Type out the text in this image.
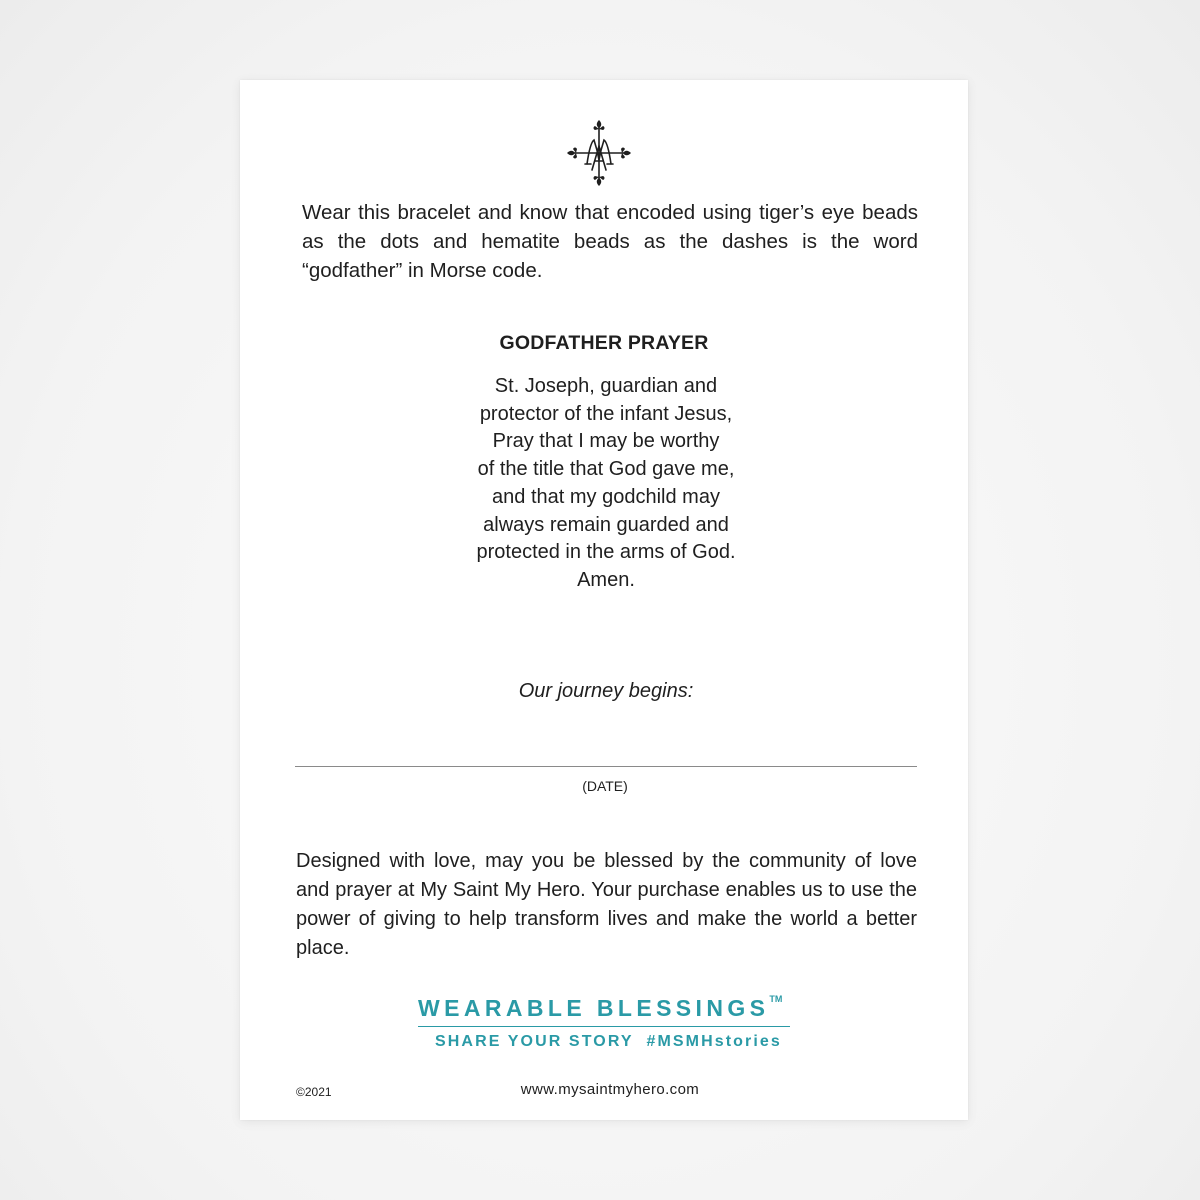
Wear this bracelet and know that encoded using tiger’s eye beads as the dots and hematite beads as the dashes is the word “godfather” in Morse code.

GODFATHER PRAYER

St. Joseph, guardian and
protector of the infant Jesus,
Pray that I may be worthy
of the title that God gave me,
and that my godchild may
always remain guarded and
protected in the arms of God.
Amen.

Our journey begins:

(DATE)

Designed with love, may you be blessed by the community of love and prayer at My Saint My Hero. Your purchase enables us to use the power of giving to help transform lives and make the world a better place.

WEARABLE BLESSINGS™
SHARE YOUR STORY  #MSMHstories

©2021	www.mysaintmyhero.com
